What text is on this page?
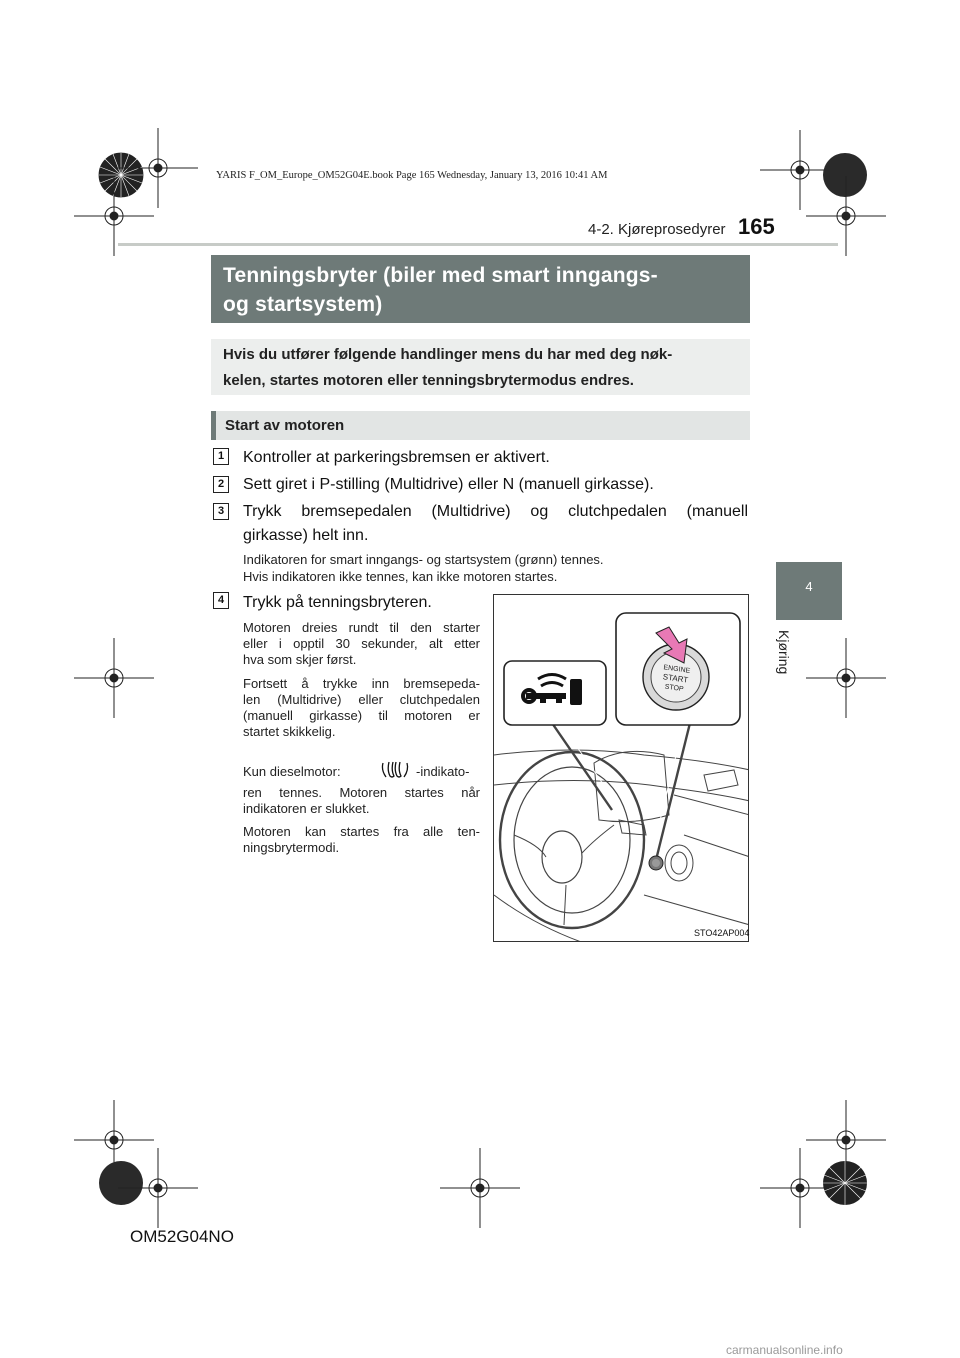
YARIS F_OM_Europe_OM52G04E.book Page 165 Wednesday, January 13, 2016 10:41 AM
4-2. Kjøreprosedyrer 165
4
Kjøring
Tenningsbryter (biler med smart inngangs-
og startsystem)
Hvis du utfører følgende handlinger mens du har med deg nøk-
kelen, startes motoren eller tenningsbrytermodus endres.
Start av motoren
1	Kontroller at parkeringsbremsen er aktivert.
2	Sett giret i P-stilling (Multidrive) eller N (manuell girkasse).
3	Trykk bremsepedalen (Multidrive) og clutchpedalen (manuell
girkasse) helt inn.
Indikatoren for smart inngangs- og startsystem (grønn) tennes.
Hvis indikatoren ikke tennes, kan ikke motoren startes.
4	Trykk på tenningsbryteren.
Motoren dreies rundt til den starter
eller i opptil 30 sekunder, alt etter
hva som skjer først.
Fortsett å trykke inn bremsepeda-
len (Multidrive) eller clutchpedalen
(manuell girkasse) til motoren er
startet skikkelig.
Kun dieselmotor:	-indikato-
ren tennes. Motoren startes når
indikatoren er slukket.
Motoren kan startes fra alle ten-
ningsbrytermodi.
ENGINE
START
STOP
STO42AP004
OM52G04NO
carmanualsonline.info
